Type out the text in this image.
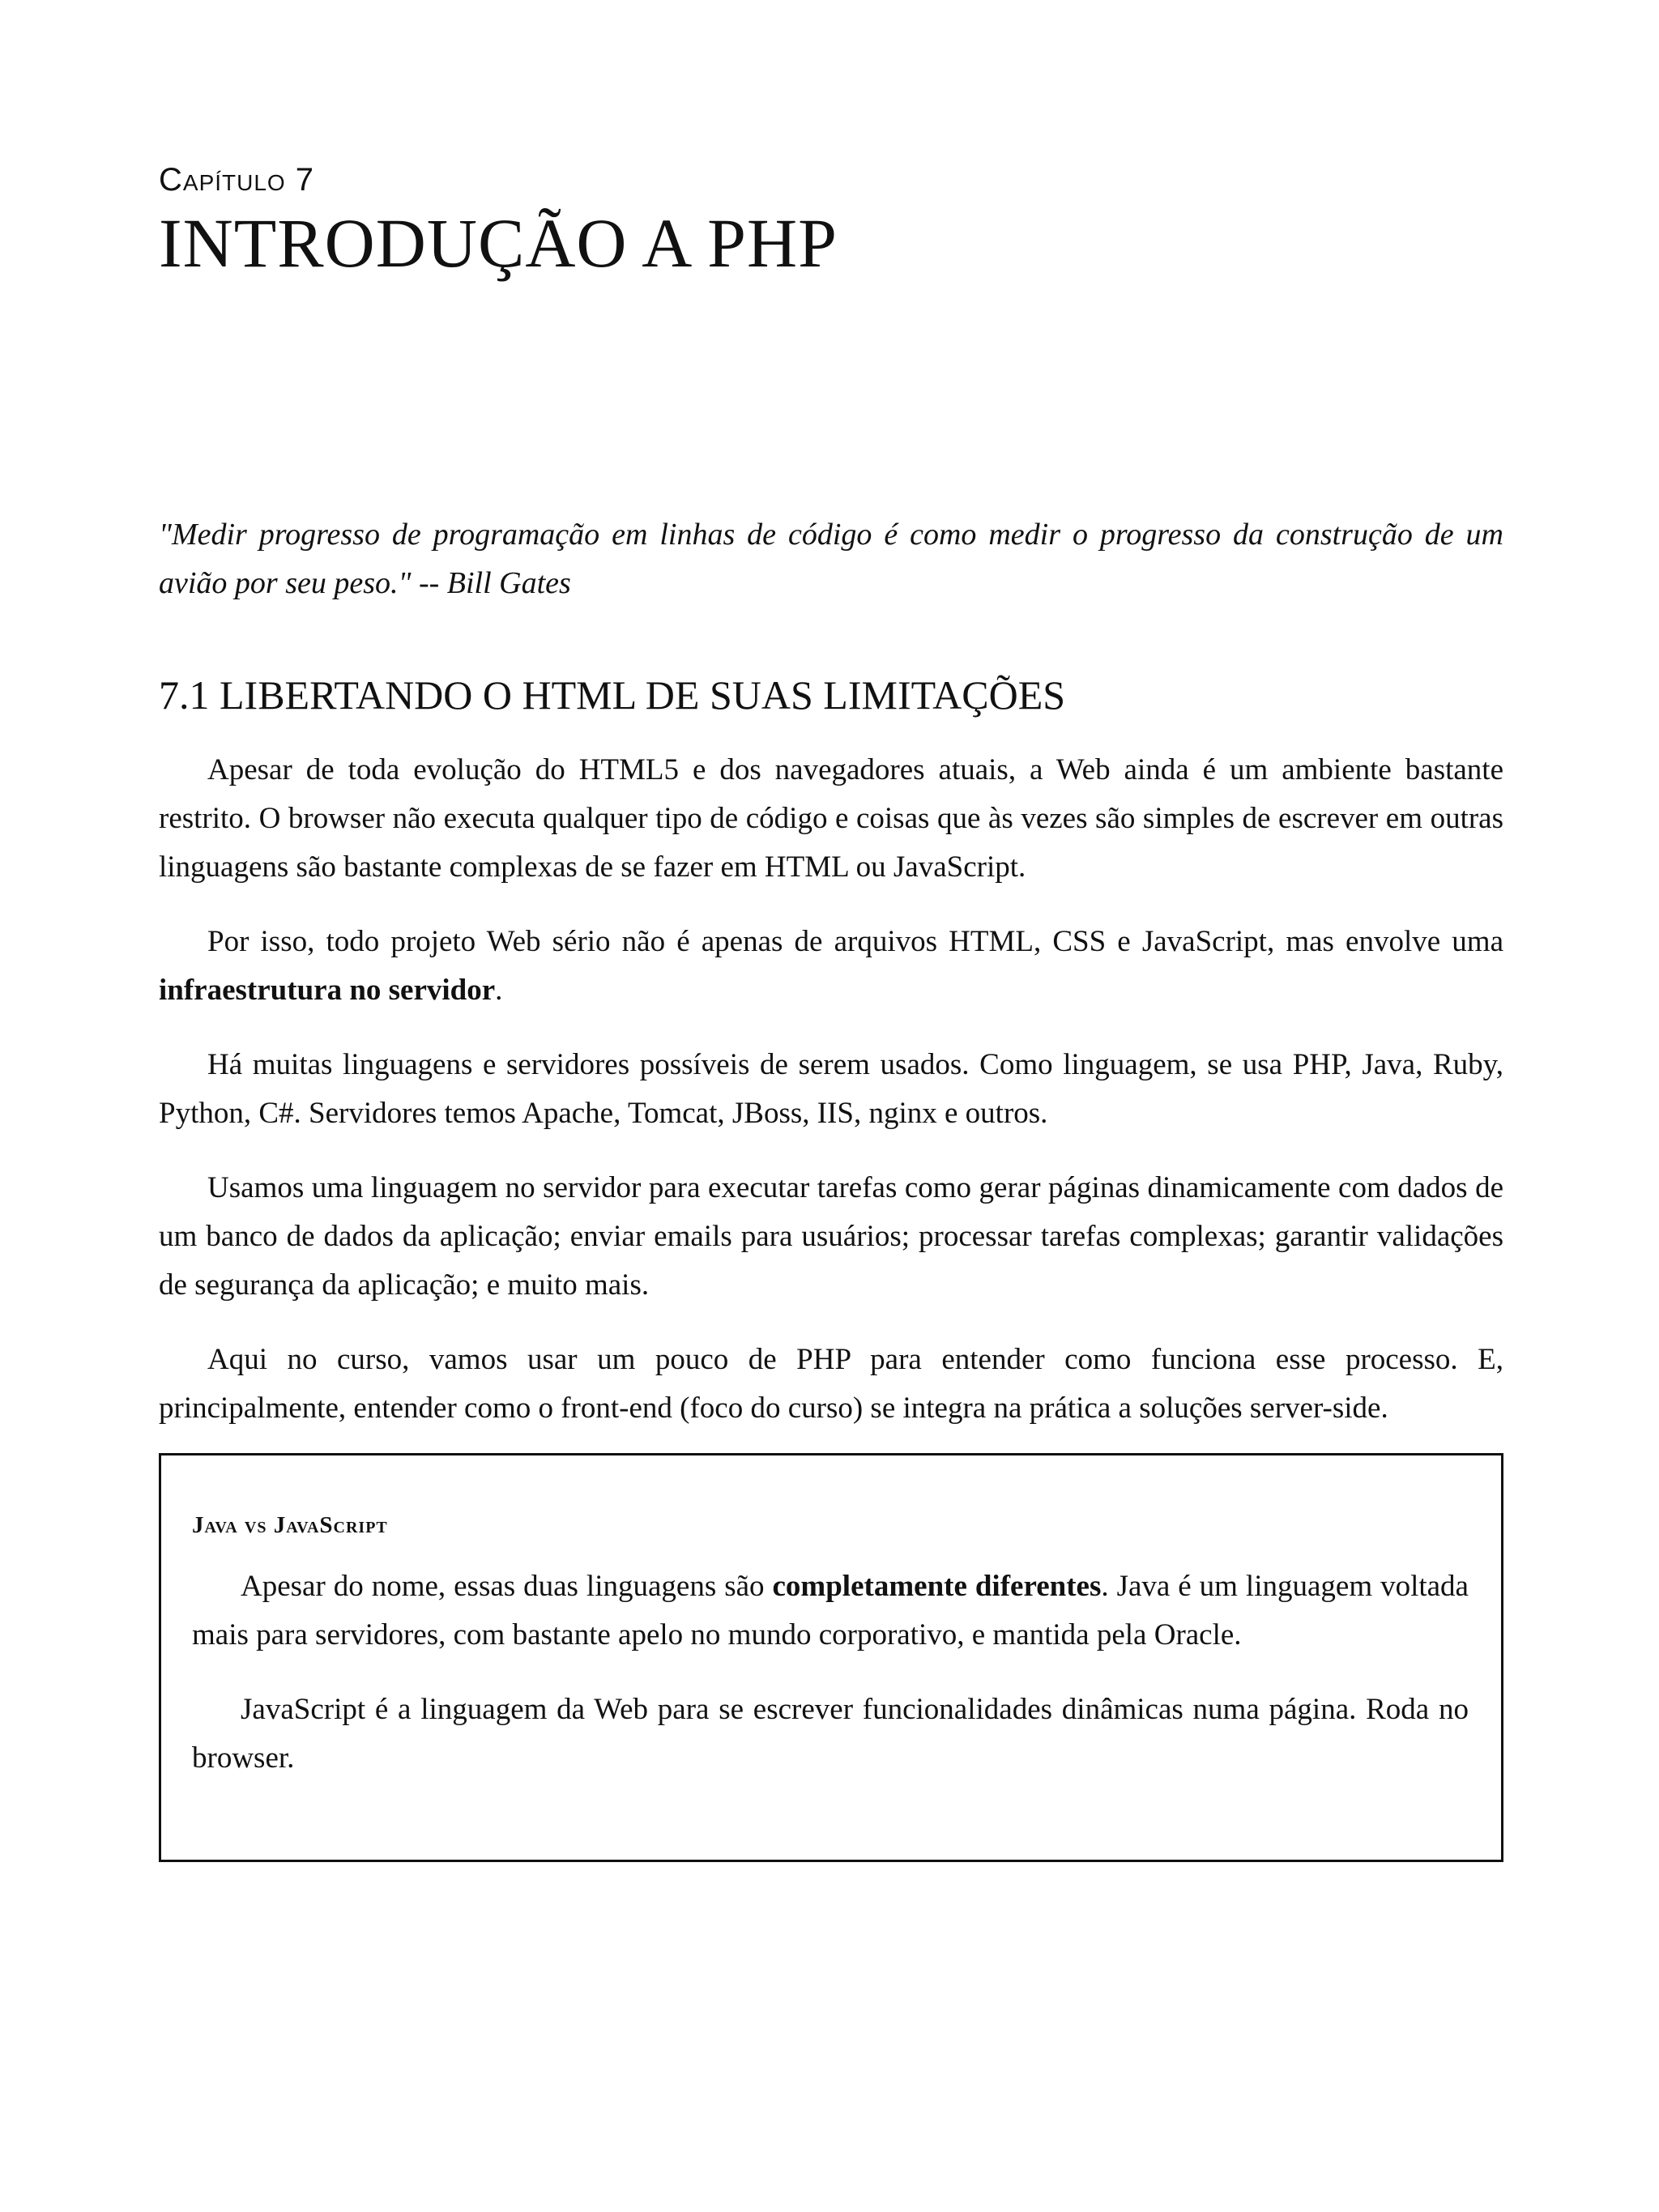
Capítulo 7

INTRODUÇÃO A PHP

"Medir progresso de programação em linhas de código é como medir o progresso da construção de um avião por seu peso." -- Bill Gates

7.1 LIBERTANDO O HTML DE SUAS LIMITAÇÕES

Apesar de toda evolução do HTML5 e dos navegadores atuais, a Web ainda é um ambiente bastante restrito. O browser não executa qualquer tipo de código e coisas que às vezes são simples de escrever em outras linguagens são bastante complexas de se fazer em HTML ou JavaScript.

Por isso, todo projeto Web sério não é apenas de arquivos HTML, CSS e JavaScript, mas envolve uma infraestrutura no servidor.

Há muitas linguagens e servidores possíveis de serem usados. Como linguagem, se usa PHP, Java, Ruby, Python, C#. Servidores temos Apache, Tomcat, JBoss, IIS, nginx e outros.

Usamos uma linguagem no servidor para executar tarefas como gerar páginas dinamicamente com dados de um banco de dados da aplicação; enviar emails para usuários; processar tarefas complexas; garantir validações de segurança da aplicação; e muito mais.

Aqui no curso, vamos usar um pouco de PHP para entender como funciona esse processo. E, principalmente, entender como o front-end (foco do curso) se integra na prática a soluções server-side.

Java vs JavaScript

Apesar do nome, essas duas linguagens são completamente diferentes. Java é um linguagem voltada mais para servidores, com bastante apelo no mundo corporativo, e mantida pela Oracle.

JavaScript é a linguagem da Web para se escrever funcionalidades dinâmicas numa página. Roda no browser.
